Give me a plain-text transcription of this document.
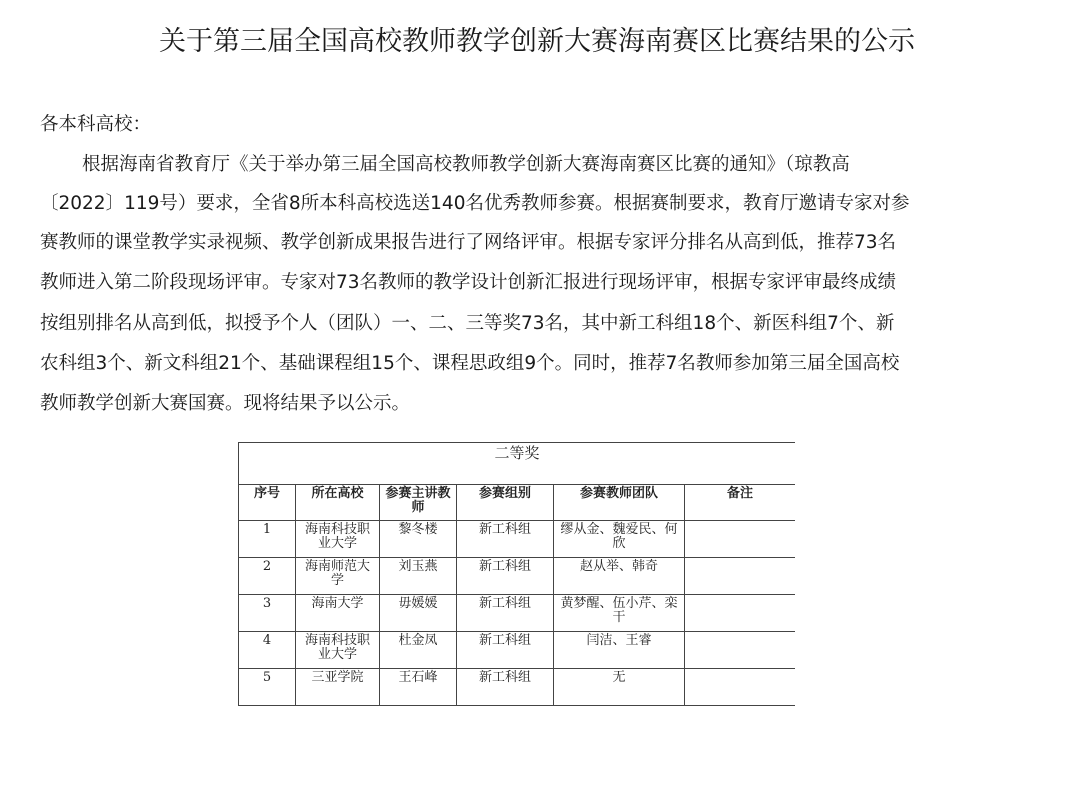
关于第三届全国高校教师教学创新大赛海南赛区比赛结果的公示
各本科高校：
根据海南省教育厅《关于举办第三届全国高校教师教学创新大赛海南赛区比赛的通知》（琼教高
〔2022〕119号）要求，全省8所本科高校选送140名优秀教师参赛。根据赛制要求，教育厅邀请专家对参
赛教师的课堂教学实录视频、教学创新成果报告进行了网络评审。根据专家评分排名从高到低，推荐73名
教师进入第二阶段现场评审。专家对73名教师的教学设计创新汇报进行现场评审，根据专家评审最终成绩
按组别排名从高到低，拟授予个人（团队）一、二、三等奖73名，其中新工科组18个、新医科组7个、新
农科组3个、新文科组21个、基础课程组15个、课程思政组9个。同时，推荐7名教师参加第三届全国高校
教师教学创新大赛国赛。现将结果予以公示。
二等奖					
序号	所在高校	参赛主讲教师	参赛组别	参赛教师团队	备注
1	海南科技职业大学	黎冬楼	新工科组	缪从金、魏爱民、何欣	
2	海南师范大学	刘玉燕	新工科组	赵从举、韩奇	
3	海南大学	毋媛媛	新工科组	黄梦醒、伍小芹、栾干	
4	海南科技职业大学	杜金凤	新工科组	闫洁、王睿	
5	三亚学院	王石峰	新工科组	无	
